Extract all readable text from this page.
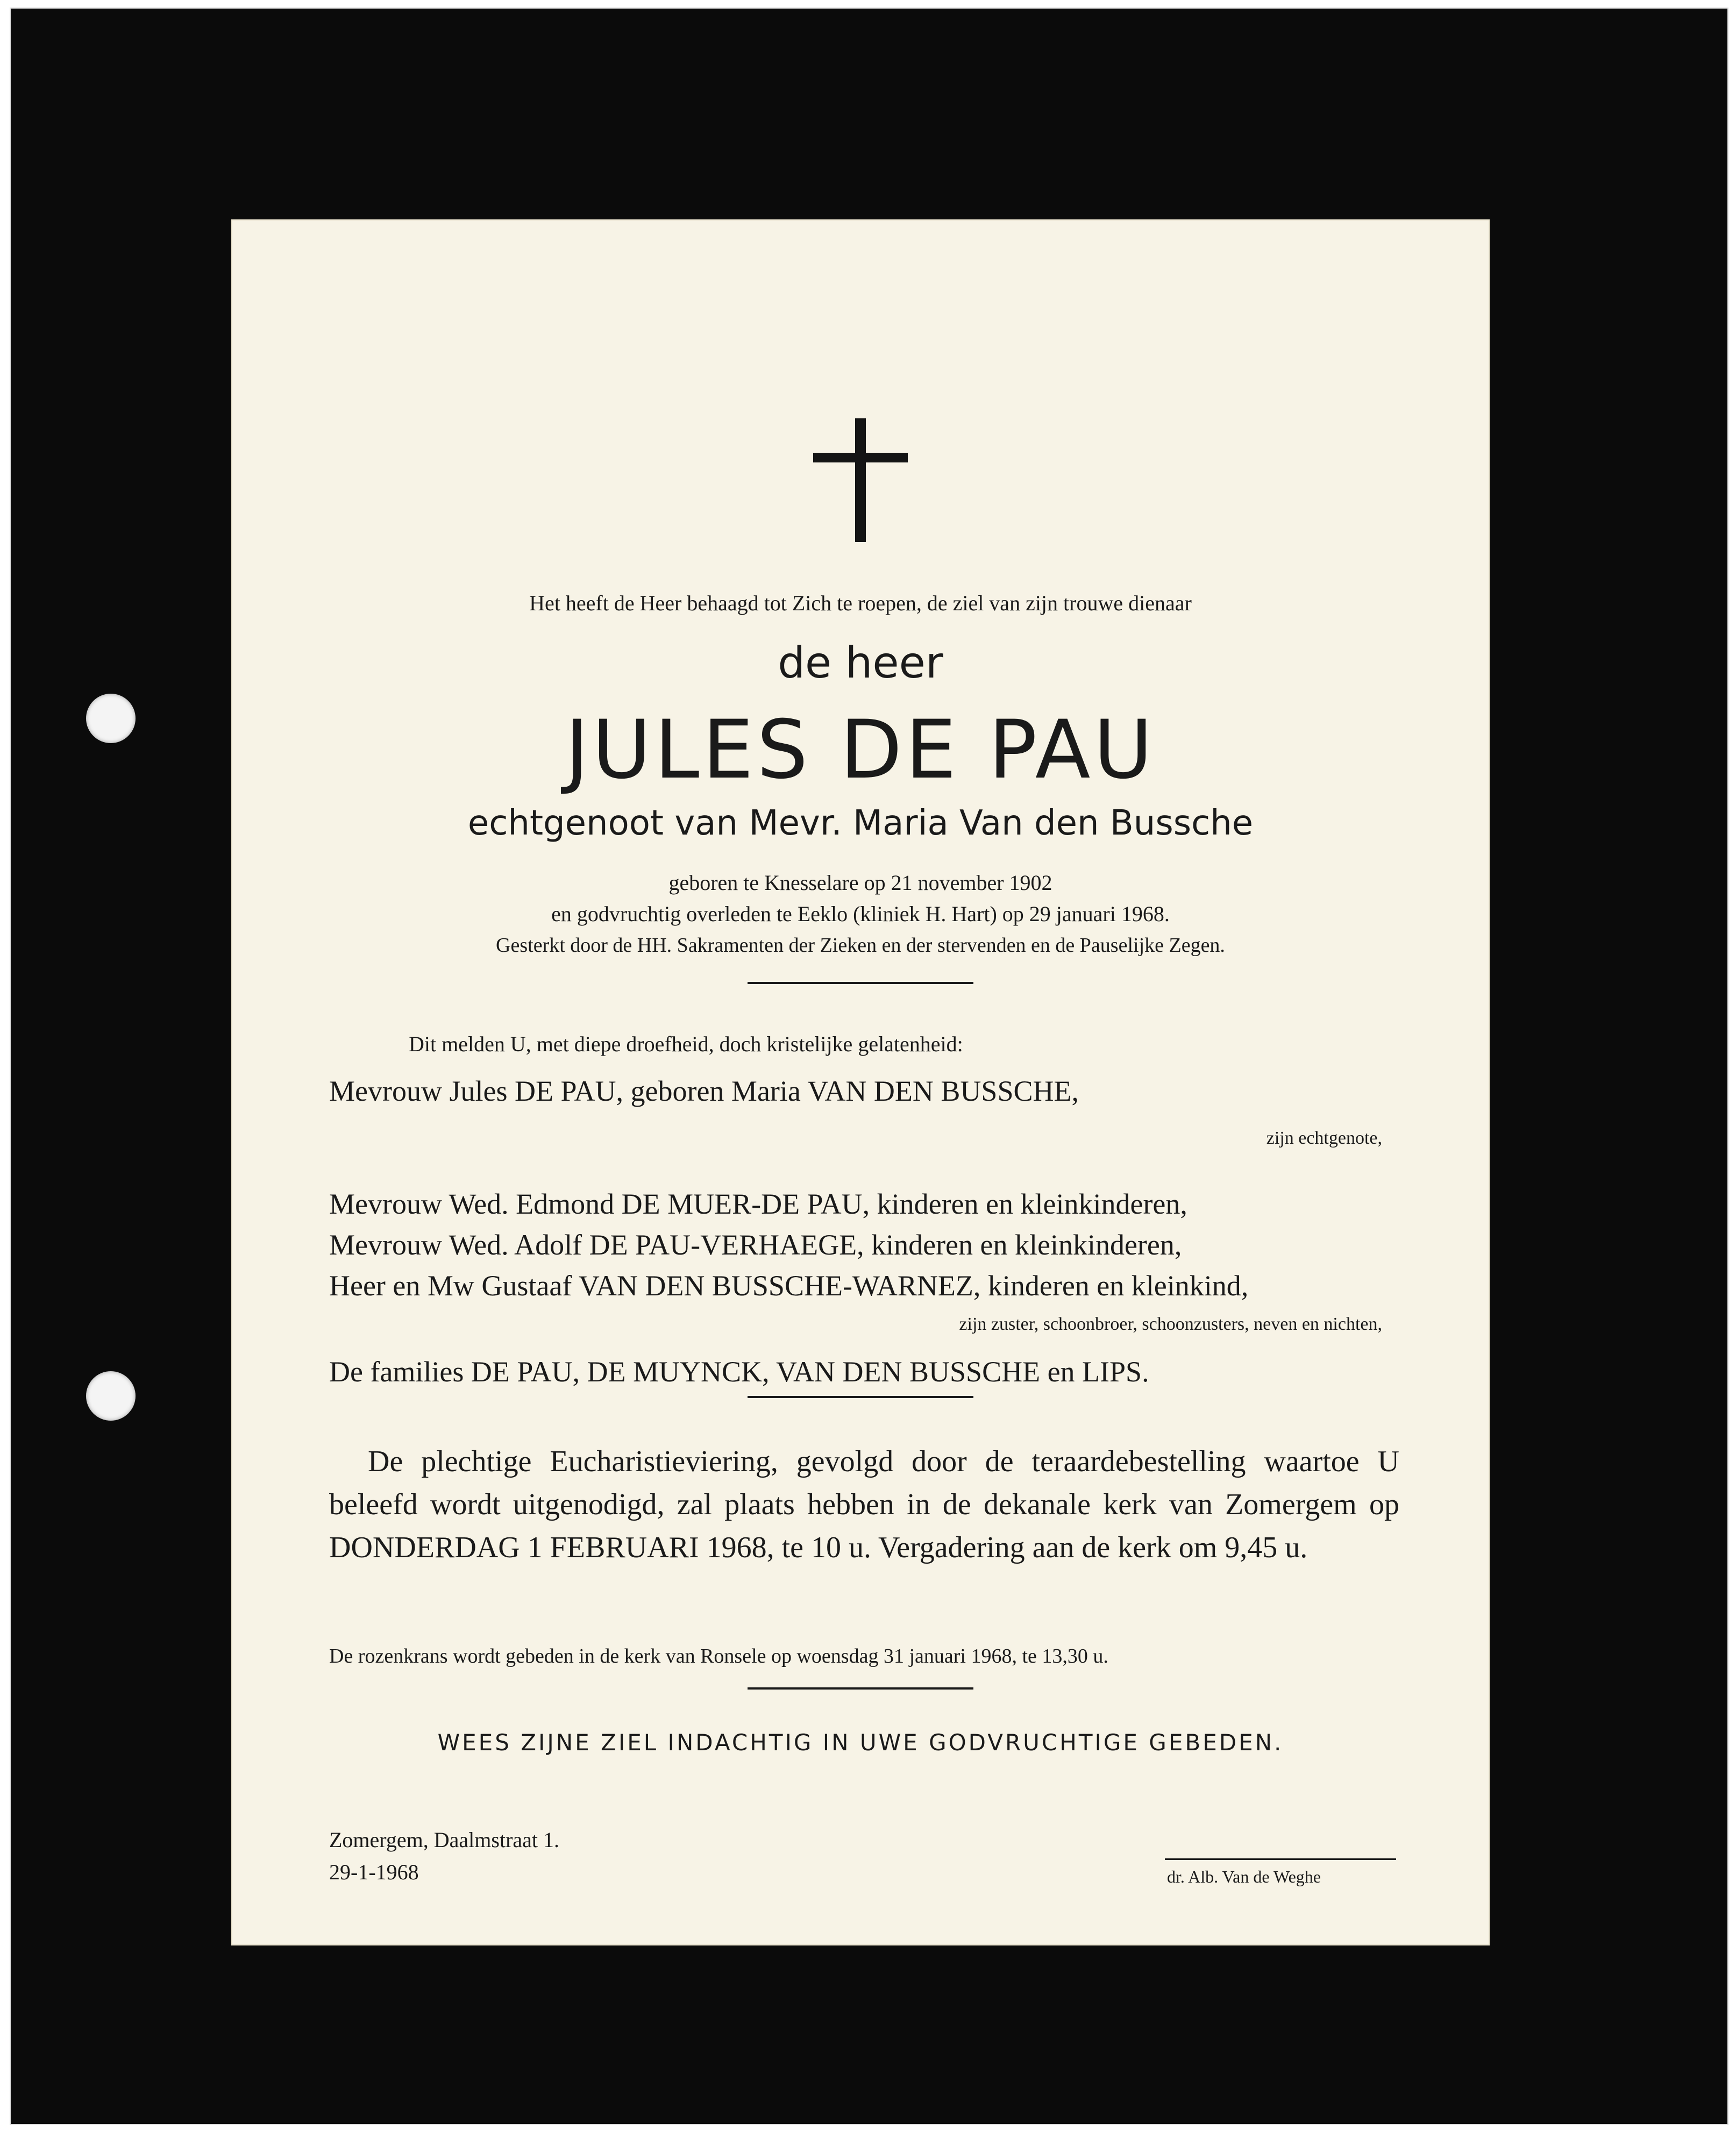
Het heeft de Heer behaagd tot Zich te roepen, de ziel van zijn trouwe dienaar
de heer
JULES DE PAU
echtgenoot van Mevr. Maria Van den Bussche
geboren te Knesselare op 21 november 1902
en godvruchtig overleden te Eeklo (kliniek H. Hart) op 29 januari 1968.
Gesterkt door de HH. Sakramenten der Zieken en der stervenden en de Pauselijke Zegen.
Dit melden U, met diepe droefheid, doch kristelijke gelatenheid:
Mevrouw Jules DE PAU, geboren Maria VAN DEN BUSSCHE,
zijn echtgenote,
Mevrouw Wed. Edmond DE MUER-DE PAU, kinderen en kleinkinderen,
Mevrouw Wed. Adolf DE PAU-VERHAEGE, kinderen en kleinkinderen,
Heer en Mw Gustaaf VAN DEN BUSSCHE-WARNEZ, kinderen en kleinkind,
zijn zuster, schoonbroer, schoonzusters, neven en nichten,
De families DE PAU, DE MUYNCK, VAN DEN BUSSCHE en LIPS.
De plechtige Eucharistieviering, gevolgd door de teraardebestelling waartoe U beleefd wordt uitgenodigd, zal plaats hebben in de dekanale kerk van Zomergem op DONDERDAG 1 FEBRUARI 1968, te 10 u. Vergadering aan de kerk om 9,45 u.
De rozenkrans wordt gebeden in de kerk van Ronsele op woensdag 31 januari 1968, te 13,30 u.
WEES ZIJNE ZIEL INDACHTIG IN UWE GODVRUCHTIGE GEBEDEN.
Zomergem, Daalmstraat 1.
29-1-1968	dr. Alb. Van de Weghe
